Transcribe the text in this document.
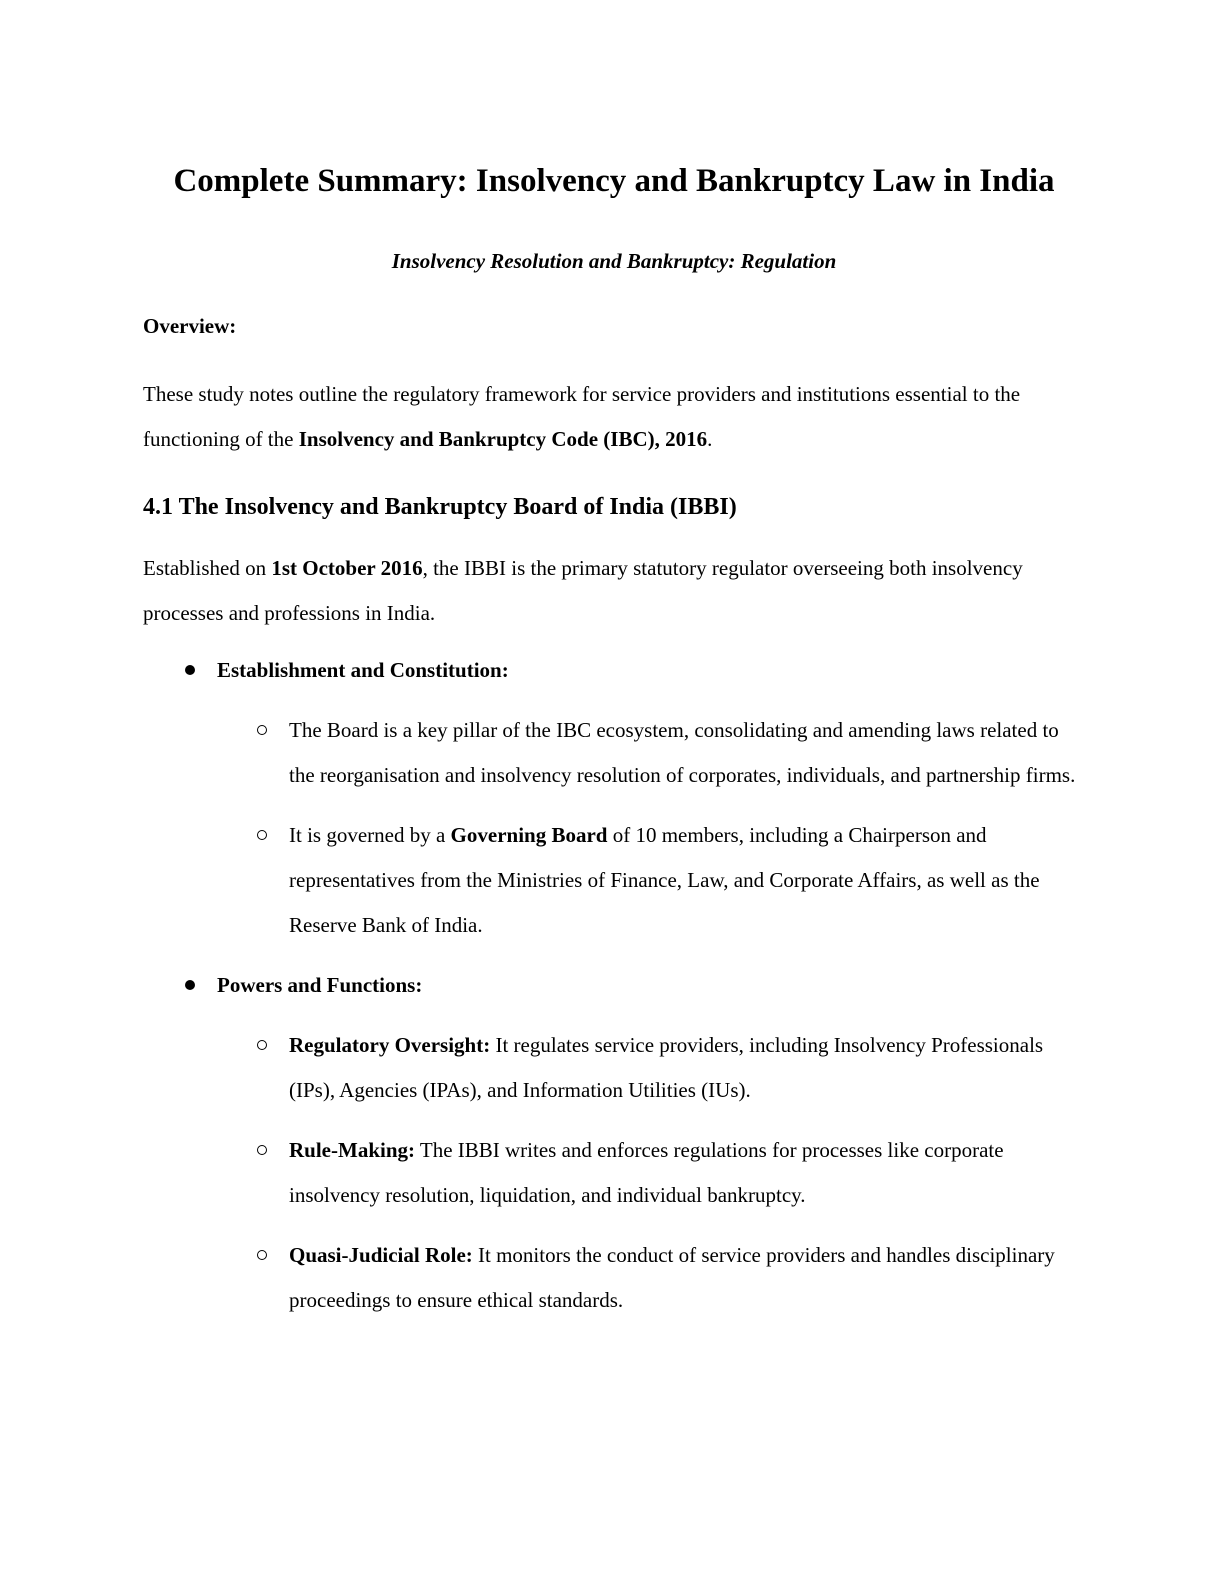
Complete Summary: Insolvency and Bankruptcy Law in India

Insolvency Resolution and Bankruptcy: Regulation

Overview:

These study notes outline the regulatory framework for service providers and institutions essential to the functioning of the Insolvency and Bankruptcy Code (IBC), 2016.

4.1 The Insolvency and Bankruptcy Board of India (IBBI)

Established on 1st October 2016, the IBBI is the primary statutory regulator overseeing both insolvency processes and professions in India.

Establishment and Constitution:
The Board is a key pillar of the IBC ecosystem, consolidating and amending laws related to the reorganisation and insolvency resolution of corporates, individuals, and partnership firms.
It is governed by a Governing Board of 10 members, including a Chairperson and representatives from the Ministries of Finance, Law, and Corporate Affairs, as well as the Reserve Bank of India.
Powers and Functions:
Regulatory Oversight: It regulates service providers, including Insolvency Professionals (IPs), Agencies (IPAs), and Information Utilities (IUs).
Rule-Making: The IBBI writes and enforces regulations for processes like corporate insolvency resolution, liquidation, and individual bankruptcy.
Quasi-Judicial Role: It monitors the conduct of service providers and handles disciplinary proceedings to ensure ethical standards.
